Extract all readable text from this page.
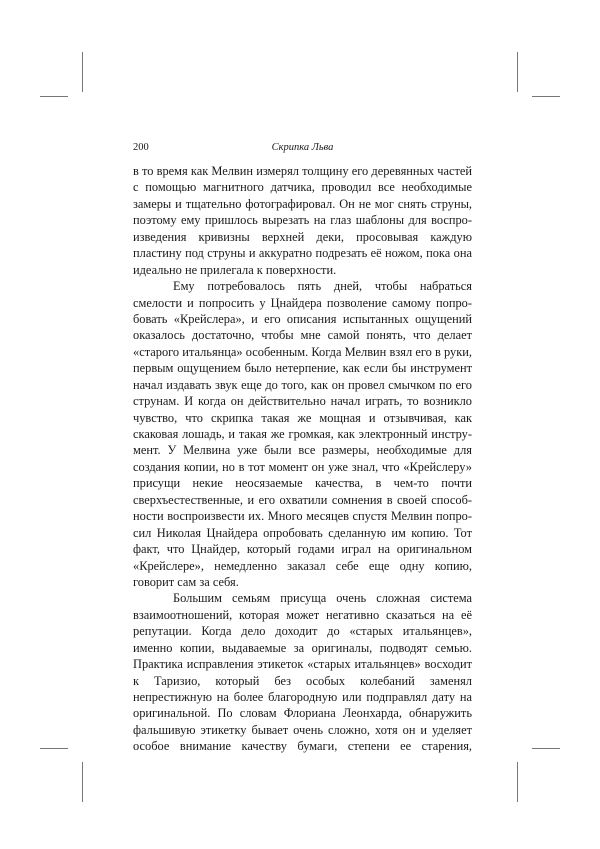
200	Скрипка Льва
в то время как Мелвин измерял толщину его деревянных частей
с помощью магнитного датчика, проводил все необходимые
замеры и тщательно фотографировал. Он не мог снять струны,
поэтому ему пришлось вырезать на глаз шаблоны для воспро-
изведения кривизны верхней деки, просовывая каждую
пластину под струны и аккуратно подрезать её ножом, пока она
идеально не прилегала к поверхности.
Ему потребовалось пять дней, чтобы набраться
смелости и попросить у Цнайдера позволение самому попро-
бовать «Крейслера», и его описания испытанных ощущений
оказалось достаточно, чтобы мне самой понять, что делает
«старого итальянца» особенным. Когда Мелвин взял его в руки,
первым ощущением было нетерпение, как если бы инструмент
начал издавать звук еще до того, как он провел смычком по его
струнам. И когда он действительно начал играть, то возникло
чувство, что скрипка такая же мощная и отзывчивая, как
скаковая лошадь, и такая же громкая, как электронный инстру-
мент. У Мелвина уже были все размеры, необходимые для
создания копии, но в тот момент он уже знал, что «Крейслеру»
присущи некие неосязаемые качества, в чем-то почти
сверхъестественные, и его охватили сомнения в своей способ-
ности воспроизвести их. Много месяцев спустя Мелвин попро-
сил Николая Цнайдера опробовать сделанную им копию. Тот
факт, что Цнайдер, который годами играл на оригинальном
«Крейслере», немедленно заказал себе еще одну копию,
говорит сам за себя.
Большим семьям присуща очень сложная система
взаимоотношений, которая может негативно сказаться на её
репутации. Когда дело доходит до «старых итальянцев»,
именно копии, выдаваемые за оригиналы, подводят семью.
Практика исправления этикеток «старых итальянцев» восходит
к Таризио, который без особых колебаний заменял
непрестижную на более благородную или подправлял дату на
оригинальной. По словам Флориана Леонхарда, обнаружить
фальшивую этикетку бывает очень сложно, хотя он и уделяет
особое внимание качеству бумаги, степени ее старения,
